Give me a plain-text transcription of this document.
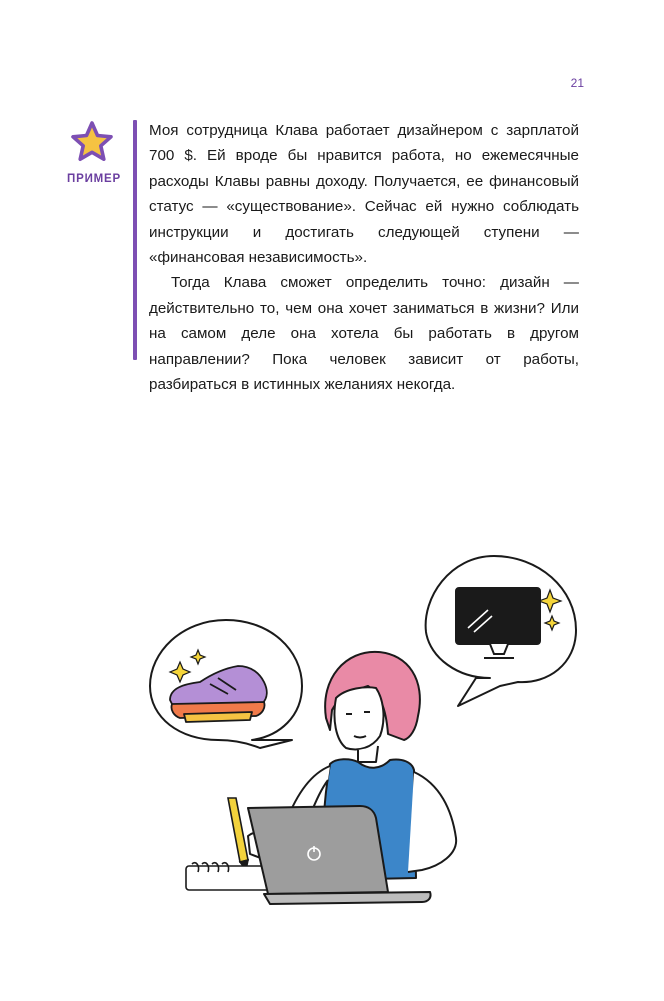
21
ПРИМЕР

Моя сотрудница Клава работает дизайнером с зарплатой 700 $. Ей вроде бы нравится работа, но ежемесячные расходы Клавы равны доходу. Получается, ее финансовый статус — «существование». Сейчас ей нужно соблюдать инструкции и достигать следующей ступени — «финансовая независимость».

Тогда Клава сможет определить точно: дизайн — действительно то, чем она хочет заниматься в жизни? Или на самом деле она хотела бы работать в другом направлении? Пока человек зависит от работы, разбираться в истинных желаниях некогда.
